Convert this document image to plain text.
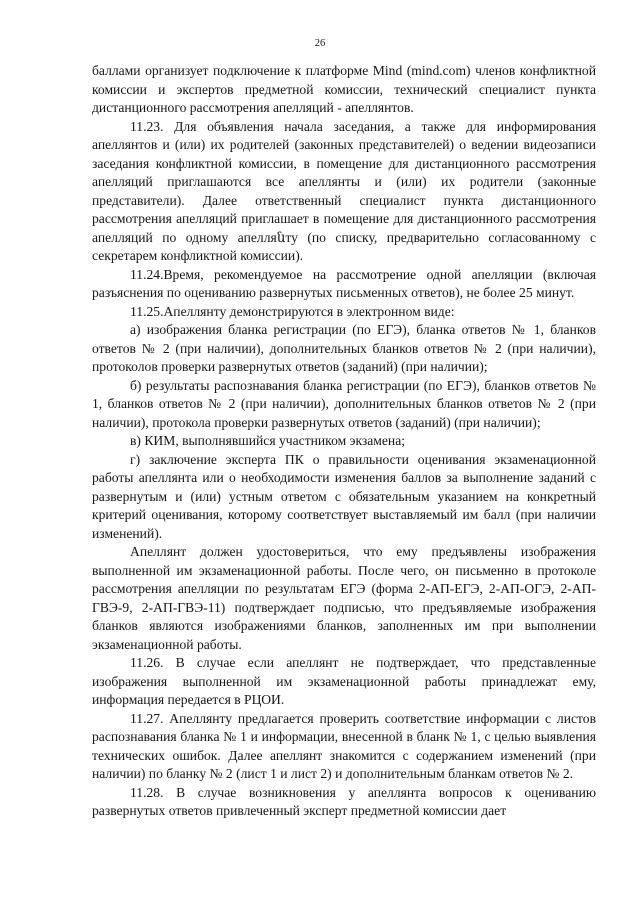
26

баллами организует подключение к платформе Mind (mind.com) членов конфликтной комиссии и экспертов предметной комиссии, технический специалист пункта дистанционного рассмотрения апелляций - апеллянтов.

11.23. Для объявления начала заседания, а также для информирования апеллянтов и (или) их родителей (законных представителей) о ведении видеозаписи заседания конфликтной комиссии, в помещение для дистанционного рассмотрения апелляций приглашаются все апеллянты и (или) их родители (законные представители). Далее ответственный специалист пункта дистанционного рассмотрения апелляций приглашает в помещение для дистанционного рассмотрения апелляций по одному апелляնту (по списку, предварительно согласованному с секретарем конфликтной комиссии).

11.24.Время, рекомендуемое на рассмотрение одной апелляции (включая разъяснения по оцениванию развернутых письменных ответов), не более 25 минут.

11.25.Апеллянту демонстрируются в электронном виде:

а) изображения бланка регистрации (по ЕГЭ), бланка ответов № 1, бланков ответов № 2 (при наличии), дополнительных бланков ответов № 2 (при наличии), протоколов проверки развернутых ответов (заданий) (при наличии);

б) результаты распознавания бланка регистрации (по ЕГЭ), бланков ответов № 1, бланков ответов № 2 (при наличии), дополнительных бланков ответов № 2 (при наличии), протокола проверки развернутых ответов (заданий) (при наличии);

в) КИМ, выполнявшийся участником экзамена;

г) заключение эксперта ПК о правильности оценивания экзаменационной работы апеллянта или о необходимости изменения баллов за выполнение заданий с развернутым и (или) устным ответом с обязательным указанием на конкретный критерий оценивания, которому соответствует выставляемый им балл (при наличии изменений).

Апеллянт должен удостовериться, что ему предъявлены изображения выполненной им экзаменационной работы. После чего, он письменно в протоколе рассмотрения апелляции по результатам ЕГЭ (форма 2-АП-ЕГЭ, 2-АП-ОГЭ, 2-АП-ГВЭ-9, 2-АП-ГВЭ-11) подтверждает подписью, что предъявляемые изображения бланков являются изображениями бланков, заполненных им при выполнении экзаменационной работы.

11.26. В случае если апеллянт не подтверждает, что представленные изображения выполненной им экзаменационной работы принадлежат ему, информация передается в РЦОИ.

11.27. Апеллянту предлагается проверить соответствие информации с листов распознавания бланка № 1 и информации, внесенной в бланк № 1, с целью выявления технических ошибок. Далее апеллянт знакомится с содержанием изменений (при наличии) по бланку № 2 (лист 1 и лист 2) и дополнительным бланкам ответов № 2.

11.28. В случае возникновения у апеллянта вопросов к оцениванию развернутых ответов привлеченный эксперт предметной комиссии дает
